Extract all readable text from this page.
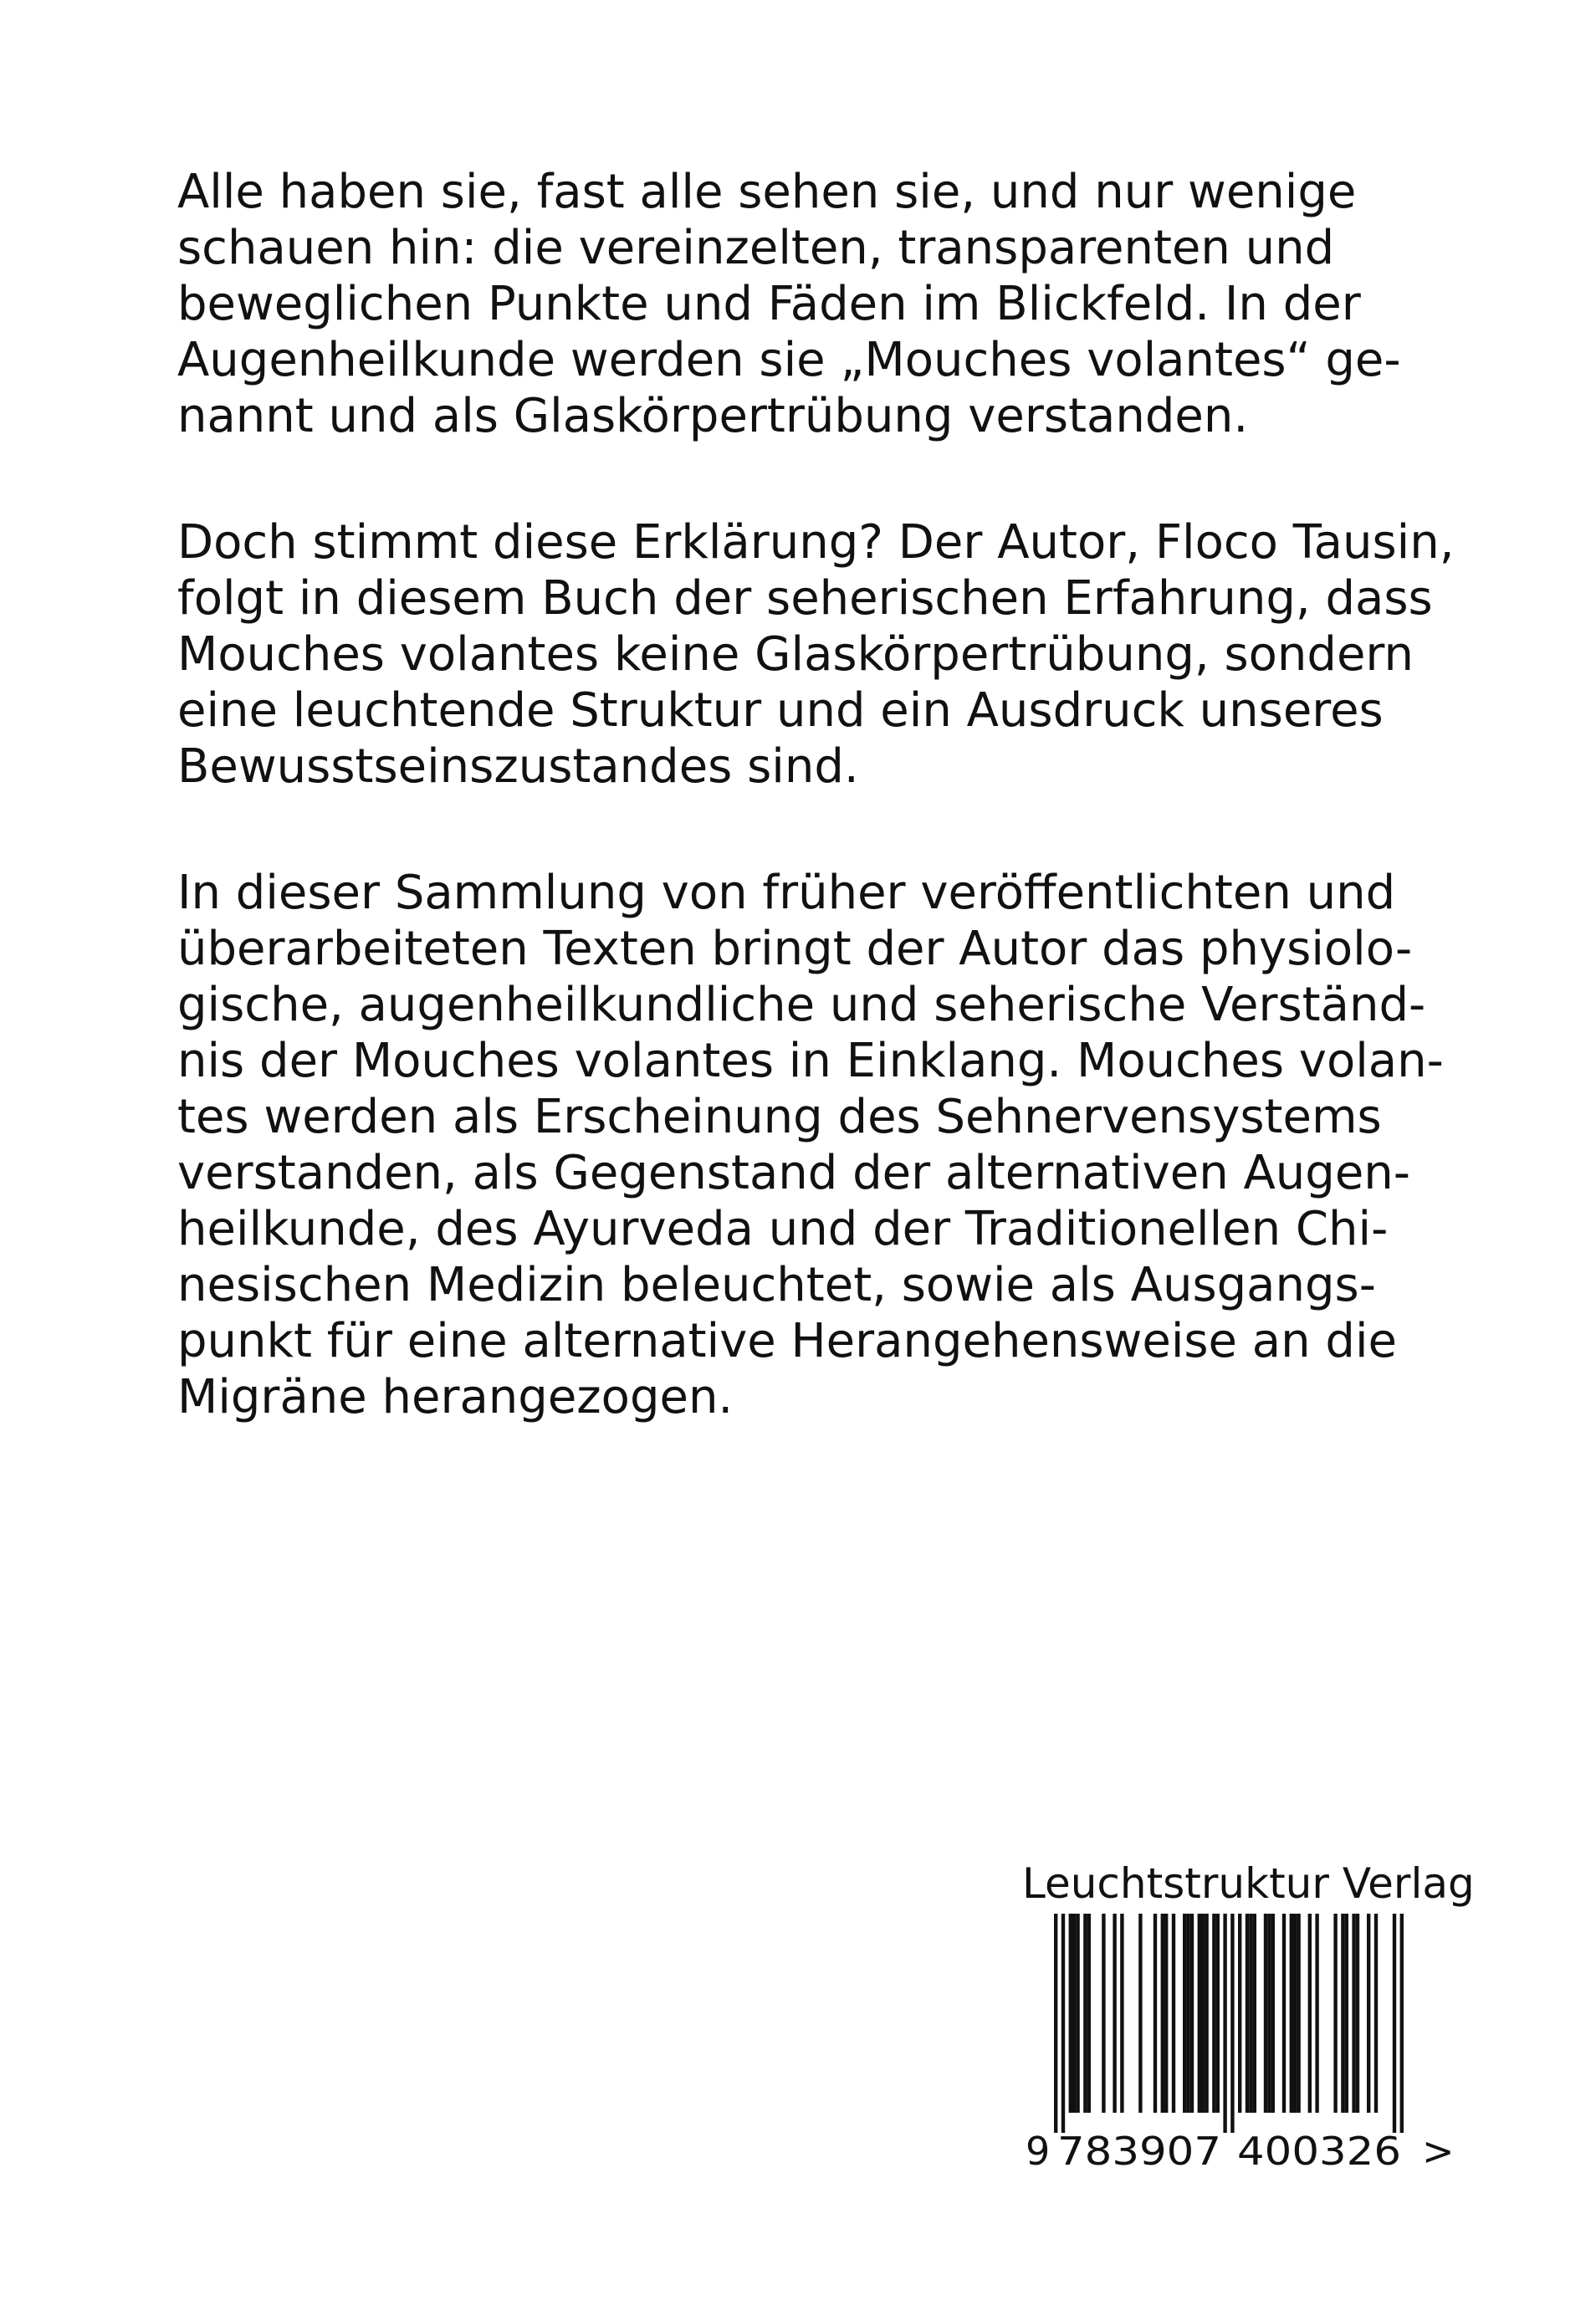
Alle haben sie, fast alle sehen sie, und nur wenige
schauen hin: die vereinzelten, transparenten und
beweglichen Punkte und Fäden im Blickfeld. In der
Augenheilkunde werden sie „Mouches volantes“ ge-
nannt und als Glaskörpertrübung verstanden.

Doch stimmt diese Erklärung? Der Autor, Floco Tausin,
folgt in diesem Buch der seherischen Erfahrung, dass
Mouches volantes keine Glaskörpertrübung, sondern
eine leuchtende Struktur und ein Ausdruck unseres
Bewusstseinszustandes sind.

In dieser Sammlung von früher veröffentlichten und
überarbeiteten Texten bringt der Autor das physiolo-
gische, augenheilkundliche und seherische Verständ-
nis der Mouches volantes in Einklang. Mouches volan-
tes werden als Erscheinung des Sehnervensystems
verstanden, als Gegenstand der alternativen Augen-
heilkunde, des Ayurveda und der Traditionellen Chi-
nesischen Medizin beleuchtet, sowie als Ausgangs-
punkt für eine alternative Herangehensweise an die
Migräne herangezogen.

Leuchtstruktur Verlag
9 783907 400326 >
